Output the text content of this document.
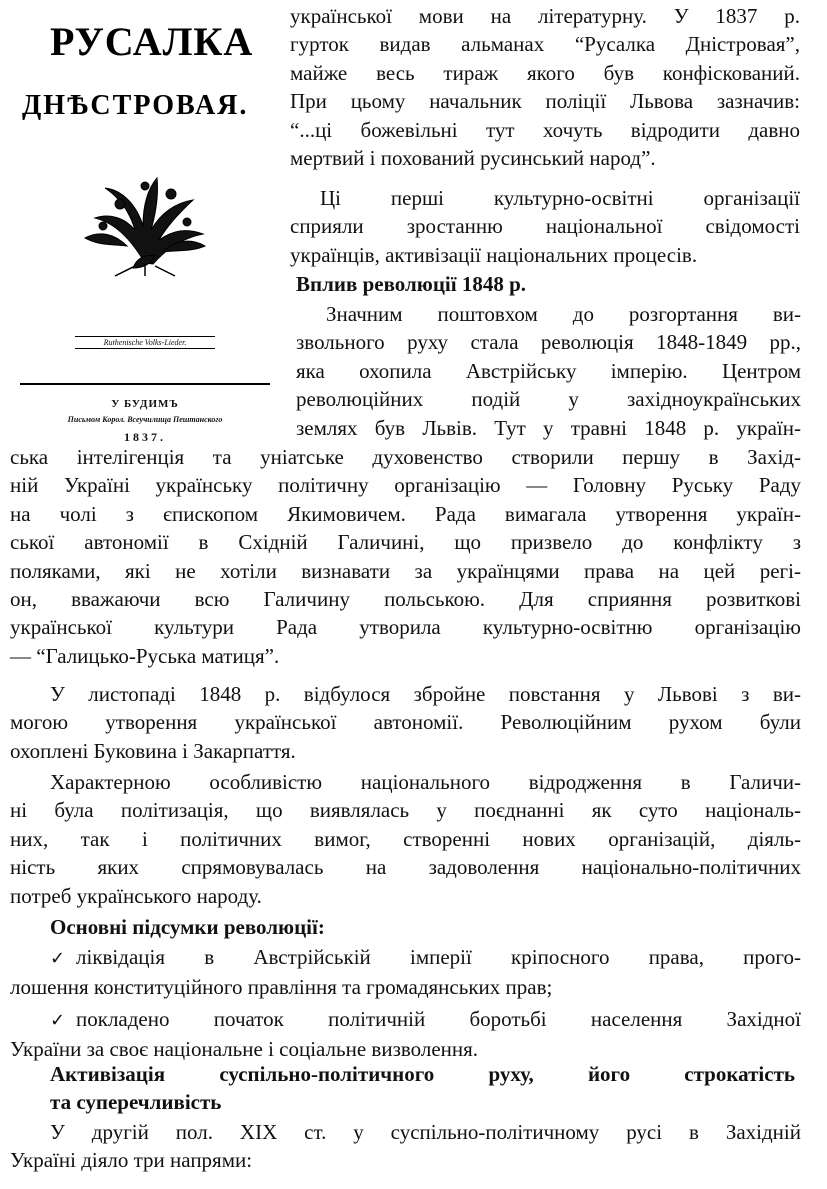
РУСАЛКА
ДНѢСТРОВАЯ.
Ruthenische Volks-Lieder.
У БУДИМЪ
Письмом Корол. Всеучилища Пештанского
1837.
української мови на літературну. У 1837 р.
гурток видав альманах “Русалка Дністровая”,
майже весь тираж якого був конфіскований.
При цьому начальник поліції Львова зазначив:
“...ці божевільні тут хочуть відродити давно
мертвий і похований русинський народ”.
Ці перші культурно-освітні організації
сприяли зростанню національної свідомості
українців, активізації національних процесів.
Вплив революції 1848 р.
Значним поштовхом до розгортання ви-
звольного руху стала революція 1848-1849 рр.,
яка охопила Австрійську імперію. Центром
революційних подій у західноукраїнських
землях був Львів. Тут у травні 1848 р. україн-
ська інтелігенція та уніатське духовенство створили першу в Захід-
ній Україні українську політичну організацію — Головну Руську Раду
на чолі з єпископом Якимовичем. Рада вимагала утворення україн-
ської автономії в Східній Галичині, що призвело до конфлікту з
поляками, які не хотіли визнавати за українцями права на цей регі-
он, вважаючи всю Галичину польською. Для сприяння розвиткові
української культури Рада утворила культурно-освітню організацію
— “Галицько-Руська матиця”.
У листопаді 1848 р. відбулося збройне повстання у Львові з ви-
могою утворення української автономії. Революційним рухом були
охоплені Буковина і Закарпаття.
Характерною особливістю національного відродження в Галичи-
ні була політизація, що виявлялась у поєднанні як суто національ-
них, так і політичних вимог, створенні нових організацій, діяль-
ність яких спрямовувалась на задоволення національно-політичних
потреб українського народу.
Основні підсумки революції:
✓ ліквідація в Австрійській імперії кріпосного права, прого-
лошення конституційного правління та громадянських прав;
✓ покладено початок політичній боротьбі населення Західної
України за своє національне і соціальне визволення.
Активізація суспільно-політичного руху, його строкатість
та суперечливість
У другій пол. XIX ст. у суспільно-політичному русі в Західній
Україні діяло три напрями:
